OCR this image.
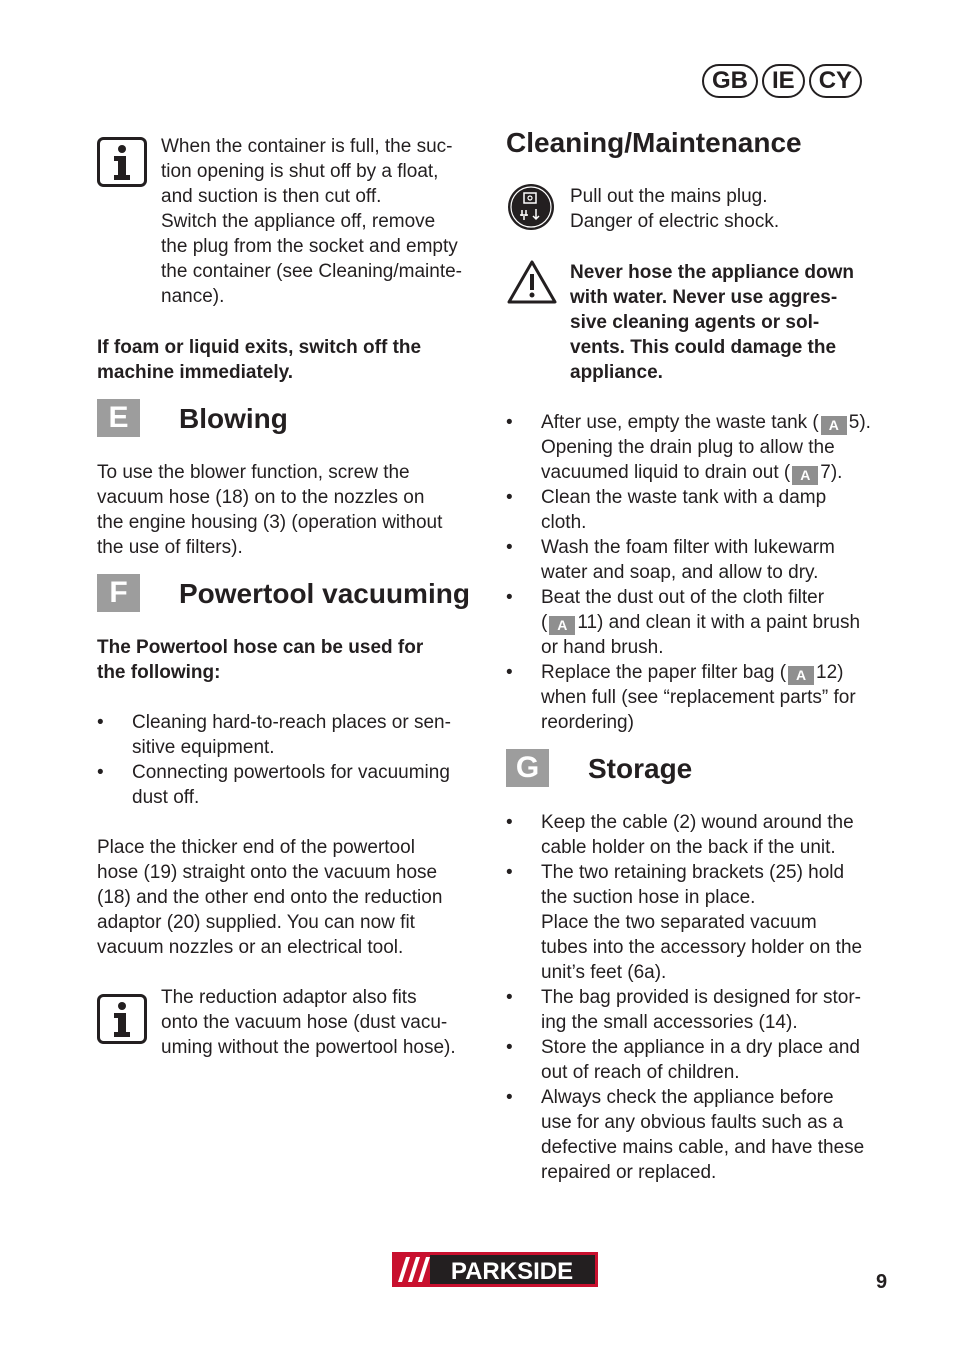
GB	IE	CY

When the container is full, the suc-

tion opening is shut off by a float,

and suction is then cut off.

Switch the appliance off, remove

the plug from the socket and empty

the container (see Cleaning/mainte-

nance).

If foam or liquid exits, switch off the

machine immediately.

E	Blowing

To use the blower function, screw the

vacuum hose (18) on to the nozzles on

the engine housing (3) (operation without

the use of filters).

F	Powertool vacuuming

The Powertool hose can be used for

the following:

• Cleaning hard-to-reach places or sen-
sitive equipment.
• Connecting powertools for vacuuming
dust off.

Place the thicker end of the powertool

hose (19) straight onto the vacuum hose

(18) and the other end onto the reduction

adaptor (20) supplied. You can now fit

vacuum nozzles or an electrical tool.

The reduction adaptor also fits

onto the vacuum hose (dust vacu-

uming without the powertool hose).

Cleaning/Maintenance

Pull out the mains plug.

Danger of electric shock.

Never hose the appliance down

with water. Never use aggres-

sive cleaning agents or sol-

vents. This could damage the

appliance.

• After use, empty the waste tank ( A 5).
Opening the drain plug to allow the
vacuumed liquid to drain out ( A 7).
• Clean the waste tank with a damp
cloth.
• Wash the foam filter with lukewarm
water and soap, and allow to dry.
• Beat the dust out of the cloth filter
( A 11) and clean it with a paint brush
or hand brush.
• Replace the paper filter bag ( A 12)
when full (see “replacement parts” for
reordering)
G	Storage
• Keep the cable (2) wound around the
cable holder on the back if the unit.
• The two retaining brackets (25) hold
the suction hose in place.
Place the two separated vacuum
tubes into the accessory holder on the
unit’s feet (6a).
• The bag provided is designed for stor-
ing the small accessories (14).
• Store the appliance in a dry place and
out of reach of children.
• Always check the appliance before
use for any obvious faults such as a
defective mains cable, and have these
repaired or replaced.
PARKSIDE	9
